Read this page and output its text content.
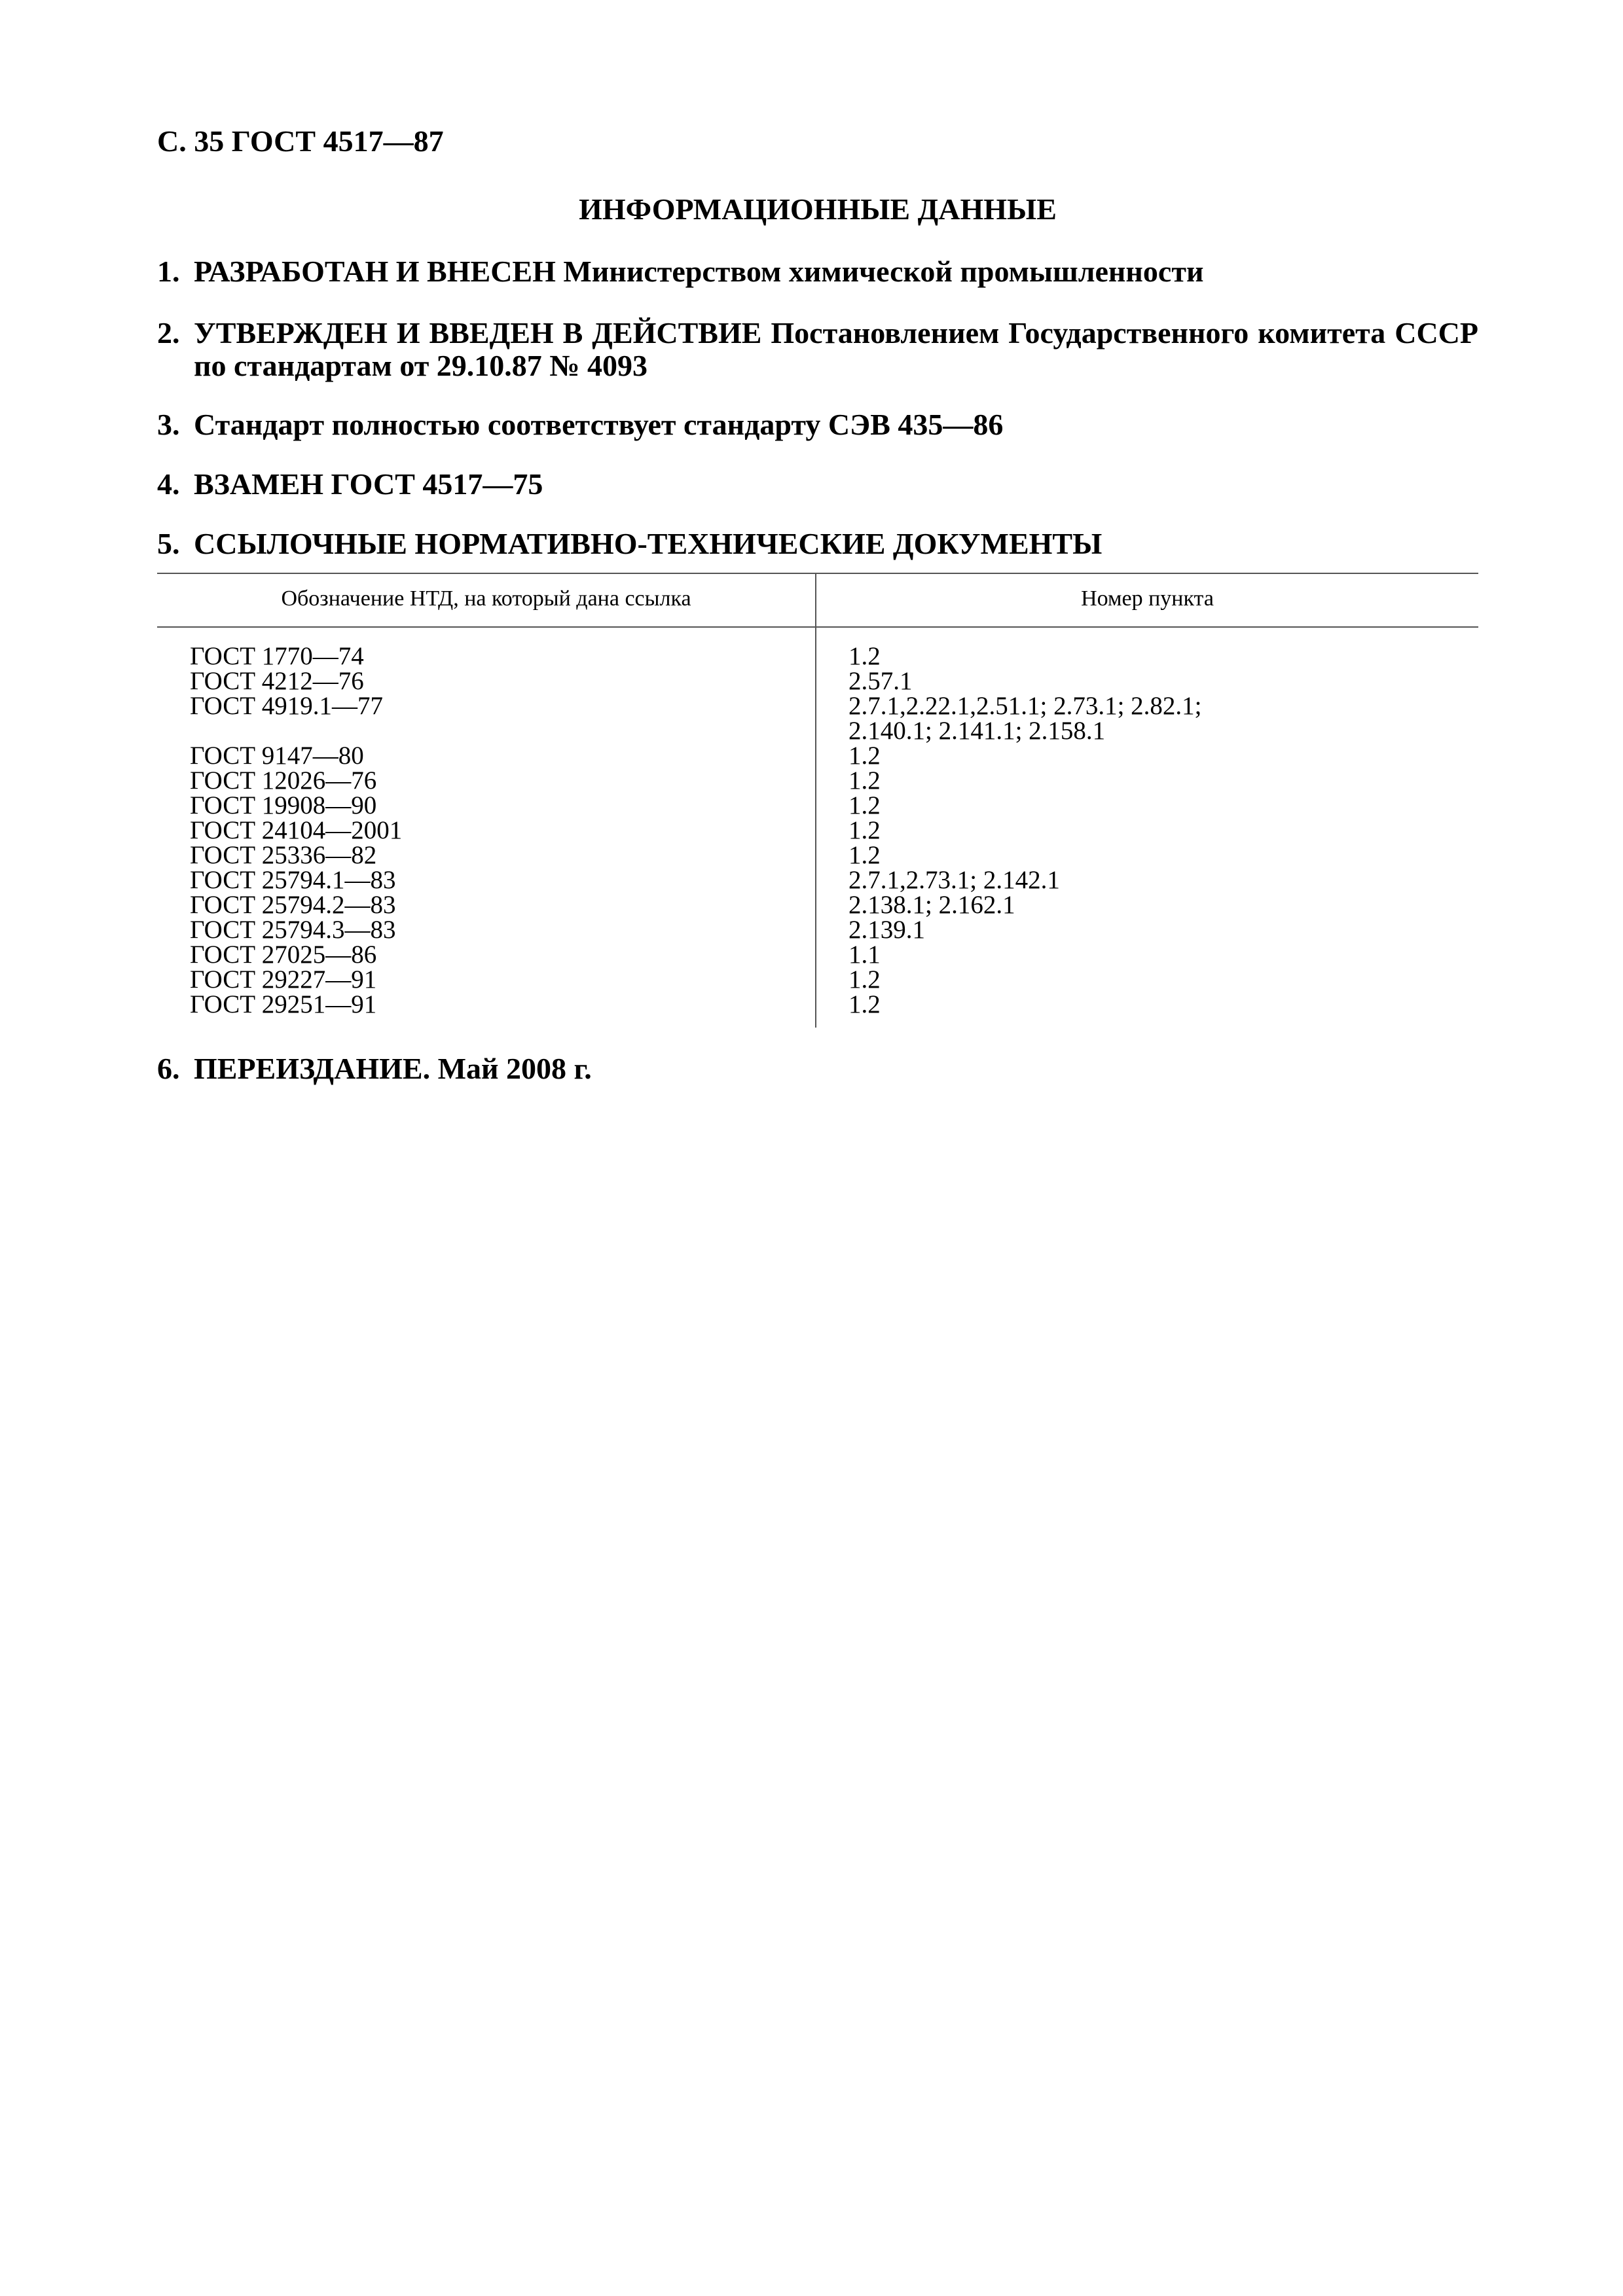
С. 35 ГОСТ 4517—87
ИНФОРМАЦИОННЫЕ ДАННЫЕ
1. РАЗРАБОТАН И ВНЕСЕН Министерством химической промышленности
2. УТВЕРЖДЕН И ВВЕДЕН В ДЕЙСТВИЕ Постановлением Государственного комитета СССР по стандартам от 29.10.87 № 4093
3. Стандарт полностью соответствует стандарту СЭВ 435—86
4. ВЗАМЕН ГОСТ 4517—75
5. ССЫЛОЧНЫЕ НОРМАТИВНО-ТЕХНИЧЕСКИЕ ДОКУМЕНТЫ
Обозначение НТД, на который дана ссылка	Номер пункта
ГОСТ 1770—74
ГОСТ 4212—76
ГОСТ 4919.1—77
ГОСТ 9147—80
ГОСТ 12026—76
ГОСТ 19908—90
ГОСТ 24104—2001
ГОСТ 25336—82
ГОСТ 25794.1—83
ГОСТ 25794.2—83
ГОСТ 25794.3—83
ГОСТ 27025—86
ГОСТ 29227—91
ГОСТ 29251—91
1.2
2.57.1
2.7.1,2.22.1,2.51.1; 2.73.1; 2.82.1;
2.140.1; 2.141.1; 2.158.1
1.2
1.2
1.2
1.2
1.2
2.7.1,2.73.1; 2.142.1
2.138.1; 2.162.1
2.139.1
1.1
1.2
1.2
6. ПЕРЕИЗДАНИЕ. Май 2008 г.
